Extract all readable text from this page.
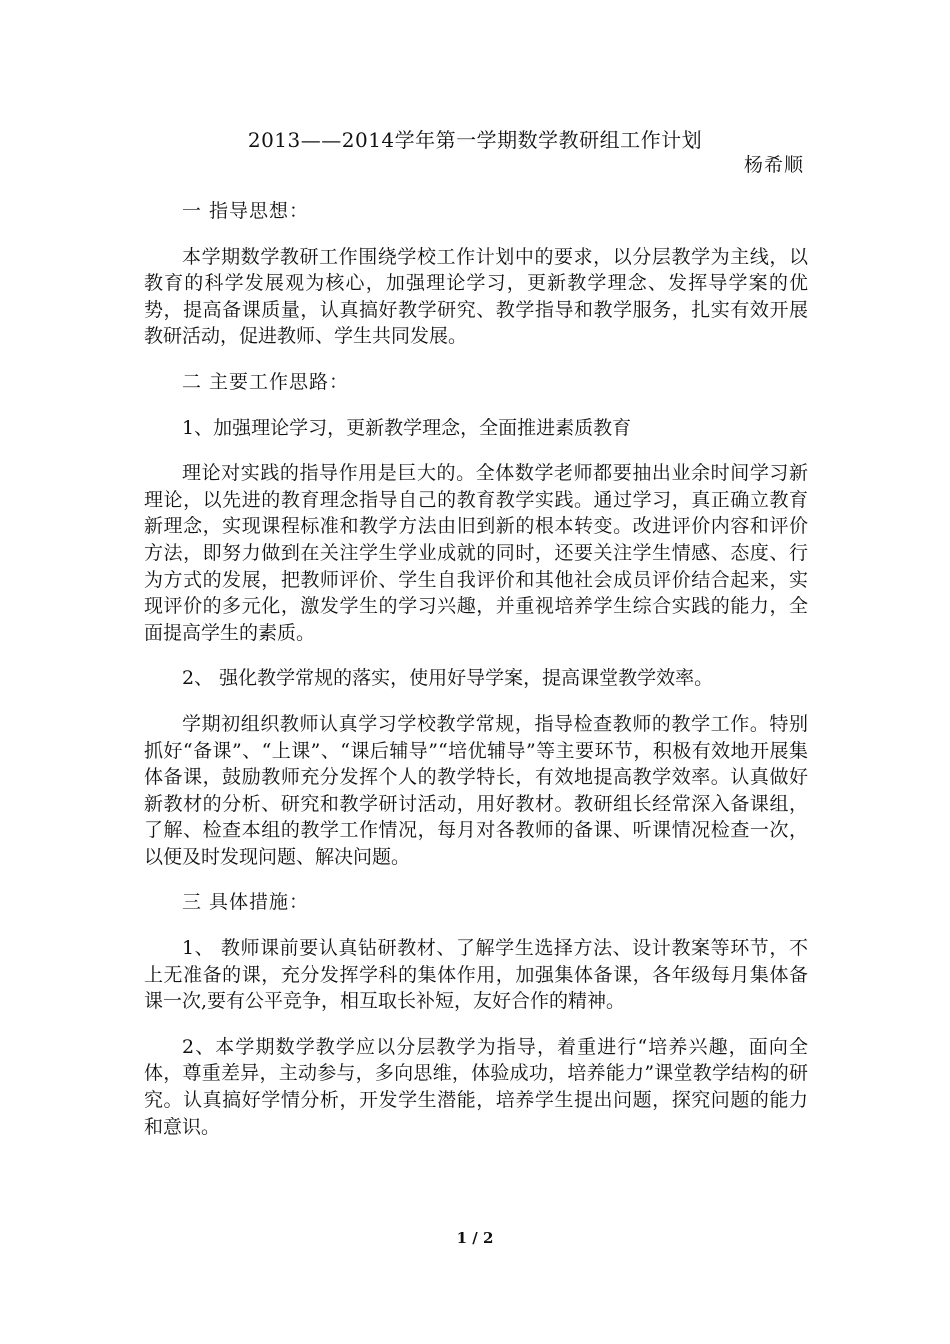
2013——2014学年第一学期数学教研组工作计划
杨希顺

一 指导思想：

本学期数学教研工作围绕学校工作计划中的要求，以分层教学为主线，以教育的科学发展观为核心，加强理论学习，更新教学理念、发挥导学案的优势，提高备课质量，认真搞好教学研究、教学指导和教学服务，扎实有效开展教研活动，促进教师、学生共同发展。

二 主要工作思路：

1、加强理论学习，更新教学理念，全面推进素质教育

理论对实践的指导作用是巨大的。全体数学老师都要抽出业余时间学习新理论，以先进的教育理念指导自己的教育教学实践。通过学习，真正确立教育新理念，实现课程标准和教学方法由旧到新的根本转变。改进评价内容和评价方法，即努力做到在关注学生学业成就的同时，还要关注学生情感、态度、行为方式的发展，把教师评价、学生自我评价和其他社会成员评价结合起来，实现评价的多元化，激发学生的学习兴趣，并重视培养学生综合实践的能力，全面提高学生的素质。

2、 强化教学常规的落实，使用好导学案，提高课堂教学效率。

学期初组织教师认真学习学校教学常规，指导检查教师的教学工作。特别抓好“备课”、“上课”、“课后辅导”“培优辅导”等主要环节，积极有效地开展集体备课，鼓励教师充分发挥个人的教学特长，有效地提高教学效率。认真做好新教材的分析、研究和教学研讨活动，用好教材。教研组长经常深入备课组，了解、检查本组的教学工作情况，每月对各教师的备课、听课情况检查一次，以便及时发现问题、解决问题。

三 具体措施：

1、 教师课前要认真钻研教材、了解学生选择方法、设计教案等环节，不上无准备的课，充分发挥学科的集体作用，加强集体备课，各年级每月集体备课一次,要有公平竞争，相互取长补短，友好合作的精神。

2、本学期数学教学应以分层教学为指导，着重进行“培养兴趣，面向全体，尊重差异，主动参与，多向思维，体验成功，培养能力”课堂教学结构的研究。认真搞好学情分析，开发学生潜能，培养学生提出问题，探究问题的能力和意识。

1 / 2
